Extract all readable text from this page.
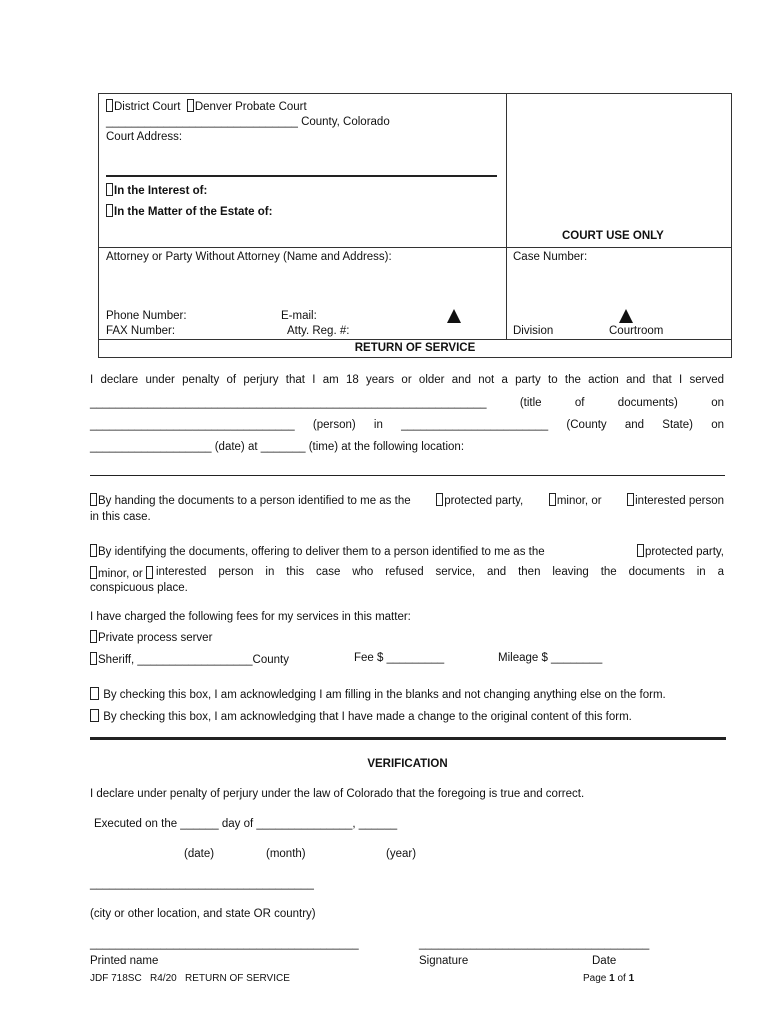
District Court Denver Probate Court
______________________________ County, Colorado
Court Address:
In the Interest of:
In the Matter of the Estate of:
COURT USE ONLY
Attorney or Party Without Attorney (Name and Address):
Phone Number:	E-mail:
FAX Number:	Atty. Reg. #:
Case Number:
Division	Courtroom
RETURN OF SERVICE
I declare under penalty of perjury that I am 18 years or older and not a party to the action and that I served
______________________________________________________________ (title of documents) on
________________________________ (person) in _______________________ (County and State) on
___________________ (date) at _______ (time) at the following location:
By handing the documents to a person identified to me as the	protected party,	minor, or	interested person
in this case.
By identifying the documents, offering to deliver them to a person identified to me as the	protected party,
minor, or interested person in this case who refused service, and then leaving the documents in a
conspicuous place.
I have charged the following fees for my services in this matter:
Private process server
Sheriff, __________________County	Fee $ _________	Mileage $ ________
By checking this box, I am acknowledging I am filling in the blanks and not changing anything else on the form.
By checking this box, I am acknowledging that I have made a change to the original content of this form.
VERIFICATION
I declare under penalty of perjury under the law of Colorado that the foregoing is true and correct.
Executed on the ______ day of _______________, ______
(date)	(month)	(year)
___________________________________
(city or other location, and state OR country)
__________________________________________	____________________________________
Printed name	Signature	Date
JDF 718SC   R4/20   RETURN OF SERVICE	Page 1 of 1
